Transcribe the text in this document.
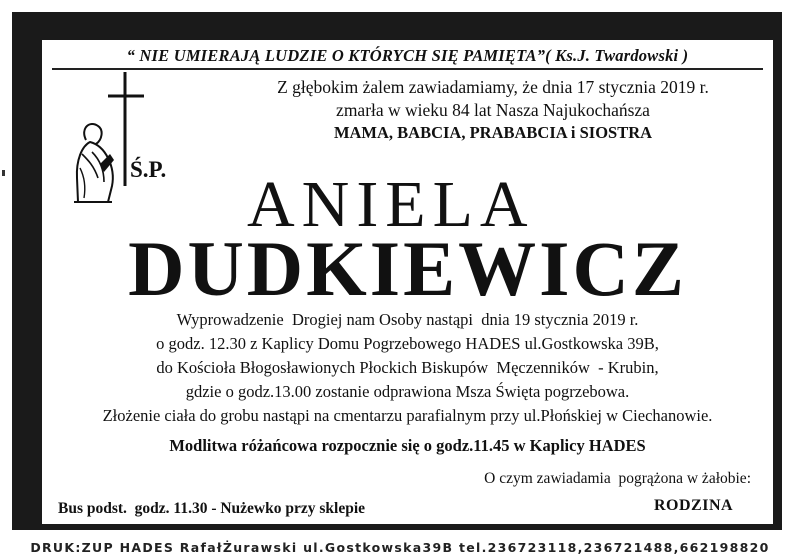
“ NIE UMIERAJĄ LUDZIE O KTÓRYCH SIĘ PAMIĘTA”( Ks.J. Twardowski )
Ś.P.
Z głębokim żalem zawiadamiamy, że dnia 17 stycznia 2019 r.
zmarła w wieku 84 lat Nasza Najukochańsza
MAMA, BABCIA, PRABABCIA i SIOSTRA
ANIELA
DUDKIEWICZ
Wyprowadzenie  Drogiej nam Osoby nastąpi  dnia 19 stycznia 2019 r.
o godz. 12.30 z Kaplicy Domu Pogrzebowego HADES ul.Gostkowska 39B,
do Kościoła Błogosławionych Płockich Biskupów  Męczenników  - Krubin,
gdzie o godz.13.00 zostanie odprawiona Msza Święta pogrzebowa.
Złożenie ciała do grobu nastąpi na cmentarzu parafialnym przy ul.Płońskiej w Ciechanowie.
Modlitwa różańcowa rozpocznie się o godz.11.45 w Kaplicy HADES
O czym zawiadamia  pogrążona w żałobie:
Bus podst.  godz. 11.30 - Nużewko przy sklepie	RODZINA
DRUK:ZUP HADES RafałŻurawski ul.Gostkowska39B tel.236723118,236721488,662198820
